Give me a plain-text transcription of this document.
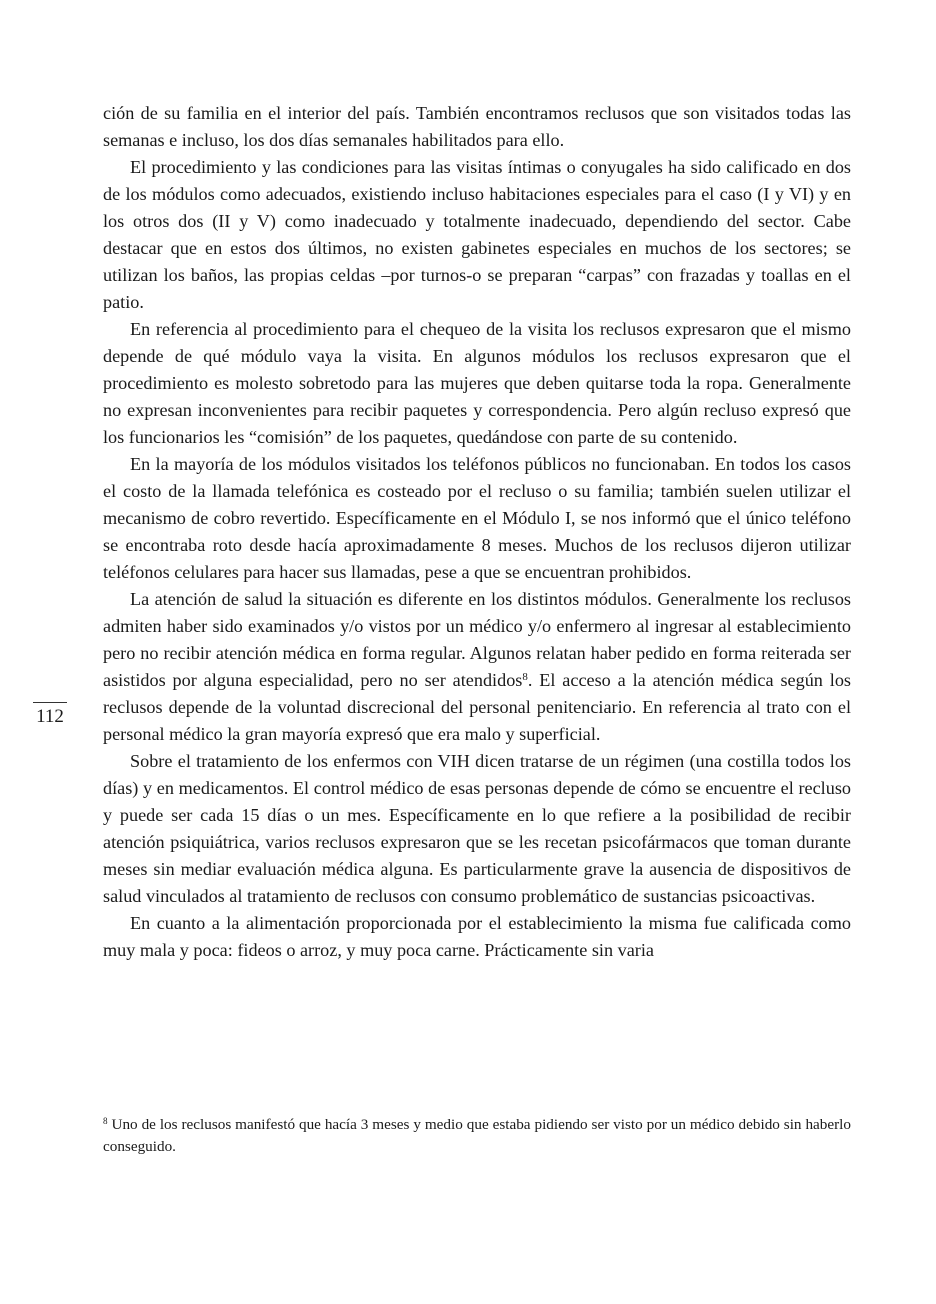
ción de su familia en el interior del país. También encontramos reclusos que son visitados todas las semanas e incluso, los dos días semanales habilitados para ello.

El procedimiento y las condiciones para las visitas íntimas o conyugales ha sido calificado en dos de los módulos como adecuados, existiendo incluso habitaciones especiales para el caso (I y VI) y en los otros dos (II y V) como inadecuado y totalmente inadecuado, dependiendo del sector. Cabe destacar que en estos dos últimos, no existen gabinetes especiales en muchos de los sectores; se utilizan los baños, las propias celdas –por turnos-o se preparan “carpas” con frazadas y toallas en el patio.

En referencia al procedimiento para el chequeo de la visita los reclusos expresaron que el mismo depende de qué módulo vaya la visita. En algunos módulos los reclusos expresaron que el procedimiento es molesto sobretodo para las mujeres que deben quitarse toda la ropa. Generalmente no expresan inconvenientes para recibir paquetes y correspondencia. Pero algún recluso expresó que los funcionarios les “comisión” de los paquetes, quedándose con parte de su contenido.

En la mayoría de los módulos visitados los teléfonos públicos no funcionaban. En todos los casos el costo de la llamada telefónica es costeado por el recluso o su familia; también suelen utilizar el mecanismo de cobro revertido. Específicamente en el Módulo I, se nos informó que el único teléfono se encontraba roto desde hacía aproximadamente 8 meses. Muchos de los reclusos dijeron utilizar teléfonos celulares para hacer sus llamadas, pese a que se encuentran prohibidos.

La atención de salud la situación es diferente en los distintos módulos. Generalmente los reclusos admiten haber sido examinados y/o vistos por un médico y/o enfermero al ingresar al establecimiento pero no recibir atención médica en forma regular. Algunos relatan haber pedido en forma reiterada ser asistidos por alguna especialidad, pero no ser atendidos$^8$. El acceso a la atención médica según los reclusos depende de la voluntad discrecional del personal penitenciario. En referencia al trato con el personal médico la gran mayoría expresó que era malo y superficial.

Sobre el tratamiento de los enfermos con VIH dicen tratarse de un régimen (una costilla todos los días) y en medicamentos. El control médico de esas personas depende de cómo se encuentre el recluso y puede ser cada 15 días o un mes. Específicamente en lo que refiere a la posibilidad de recibir atención psiquiátrica, varios reclusos expresaron que se les recetan psicofármacos que toman durante meses sin mediar evaluación médica alguna. Es particularmente grave la ausencia de dispositivos de salud vinculados al tratamiento de reclusos con consumo problemático de sustancias psicoactivas.

En cuanto a la alimentación proporcionada por el establecimiento la misma fue calificada como muy mala y poca: fideos o arroz, y muy poca carne. Prácticamente sin varia

112

$^8$ Uno de los reclusos manifestó que hacía 3 meses y medio que estaba pidiendo ser visto por un médico debido sin haberlo conseguido.
